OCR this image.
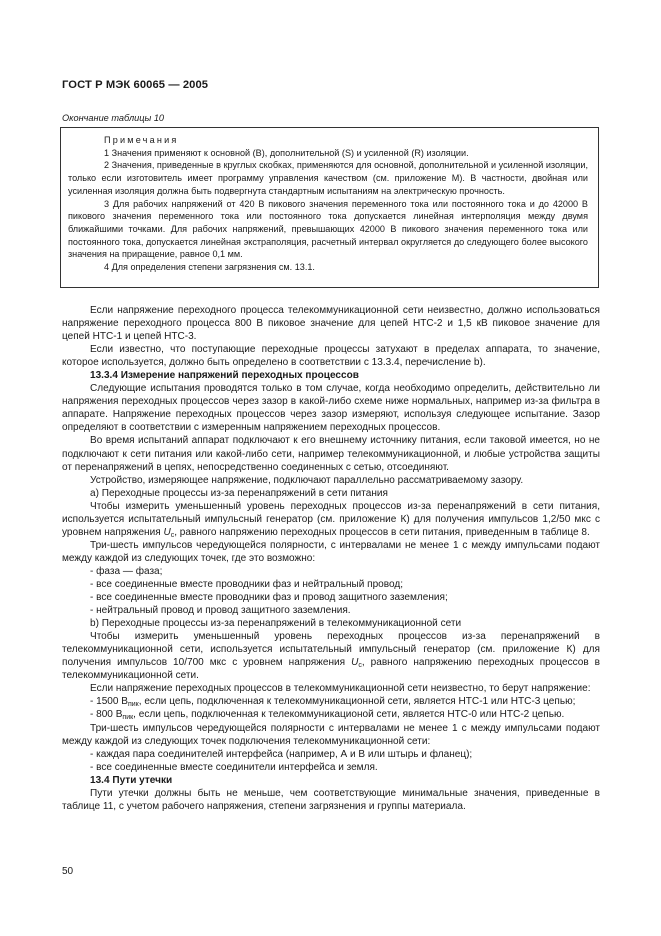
ГОСТ Р МЭК 60065 — 2005
Окончание таблицы 10
Примечания

1 Значения применяют к основной (В), дополнительной (S) и усиленной (R) изоляции.

2 Значения, приведенные в круглых скобках, применяются для основной, дополнительной и усиленной изоляции, только если изготовитель имеет программу управления качеством (см. приложение М). В частности, двойная или усиленная изоляция должна быть подвергнута стандартным испытаниям на электрическую прочность.

3 Для рабочих напряжений от 420 В пикового значения переменного тока или постоянного тока и до 42000 В пикового значения переменного тока или постоянного тока допускается линейная интерполяция между двумя ближайшими точками. Для рабочих напряжений, превышающих 42000 В пикового значения переменного тока или постоянного тока, допускается линейная экстраполяция, расчетный интервал округляется до следующего более высокого значения на приращение, равное 0,1 мм.

4 Для определения степени загрязнения см. 13.1.

Если напряжение переходного процесса телекоммуникационной сети неизвестно, должно использоваться напряжение переходного процесса 800 В пиковое значение для цепей НТС-2 и 1,5 кВ пиковое значение для цепей НТС-1 и цепей НТС-3.

Если известно, что поступающие переходные процессы затухают в пределах аппарата, то значение, которое используется, должно быть определено в соответствии с 13.3.4, перечисление b).

13.3.4 Измерение напряжений переходных процессов

Следующие испытания проводятся только в том случае, когда необходимо определить, действительно ли напряжения переходных процессов через зазор в какой-либо схеме ниже нормальных, например из-за фильтра в аппарате. Напряжение переходных процессов через зазор измеряют, используя следующее испытание. Зазор определяют в соответствии с измеренным напряжением переходных процессов.

Во время испытаний аппарат подключают к его внешнему источнику питания, если таковой имеется, но не подключают к сети питания или какой-либо сети, например телекоммуникационной, и любые устройства защиты от перенапряжений в цепях, непосредственно соединенных с сетью, отсоединяют.

Устройство, измеряющее напряжение, подключают параллельно рассматриваемому зазору.

а) Переходные процессы из-за перенапряжений в сети питания

Чтобы измерить уменьшенный уровень переходных процессов из-за перенапряжений в сети питания, используется испытательный импульсный генератор (см. приложение К) для получения импульсов 1,2/50 мкс с уровнем напряжения $U_с$, равного напряжению переходных процессов в сети питания, приведенным в таблице 8.

Три-шесть импульсов чередующейся полярности, с интервалами не менее 1 с между импульсами подают между каждой из следующих точек, где это возможно:

- фаза — фаза;

- все соединенные вместе проводники фаз и нейтральный провод;

- все соединенные вместе проводники фаз и провод защитного заземления;

- нейтральный провод и провод защитного заземления.

b) Переходные процессы из-за перенапряжений в телекоммуникационной сети

Чтобы измерить уменьшенный уровень переходных процессов из-за перенапряжений в телекоммуникационной сети, используется испытательный импульсный генератор (см. приложение К) для получения импульсов 10/700 мкс с уровнем напряжения $U_с$, равного напряжению переходных процессов в телекоммуникационной сети.

Если напряжение переходных процессов в телекоммуникационной сети неизвестно, то берут напряжение:

- 1500 $В_{пик}$, если цепь, подключенная к телекоммуникационной сети, является НТС-1 или НТС-3 цепью;

- 800 $В_{пик}$, если цепь, подключенная к телекоммуникационой сети, является НТС-0 или НТС-2 цепью.

Три-шесть импульсов чередующейся полярности с интервалами не менее 1 с между импульсами подают между каждой из следующих точек подключения телекоммуникационной сети:

- каждая пара соединителей интерфейса (например, А и В или штырь и фланец);

- все соединенные вместе соединители интерфейса и земля.

13.4 Пути утечки

Пути утечки должны быть не меньше, чем соответствующие минимальные значения, приведенные в таблице 11, с учетом рабочего напряжения, степени загрязнения и группы материала.

50
